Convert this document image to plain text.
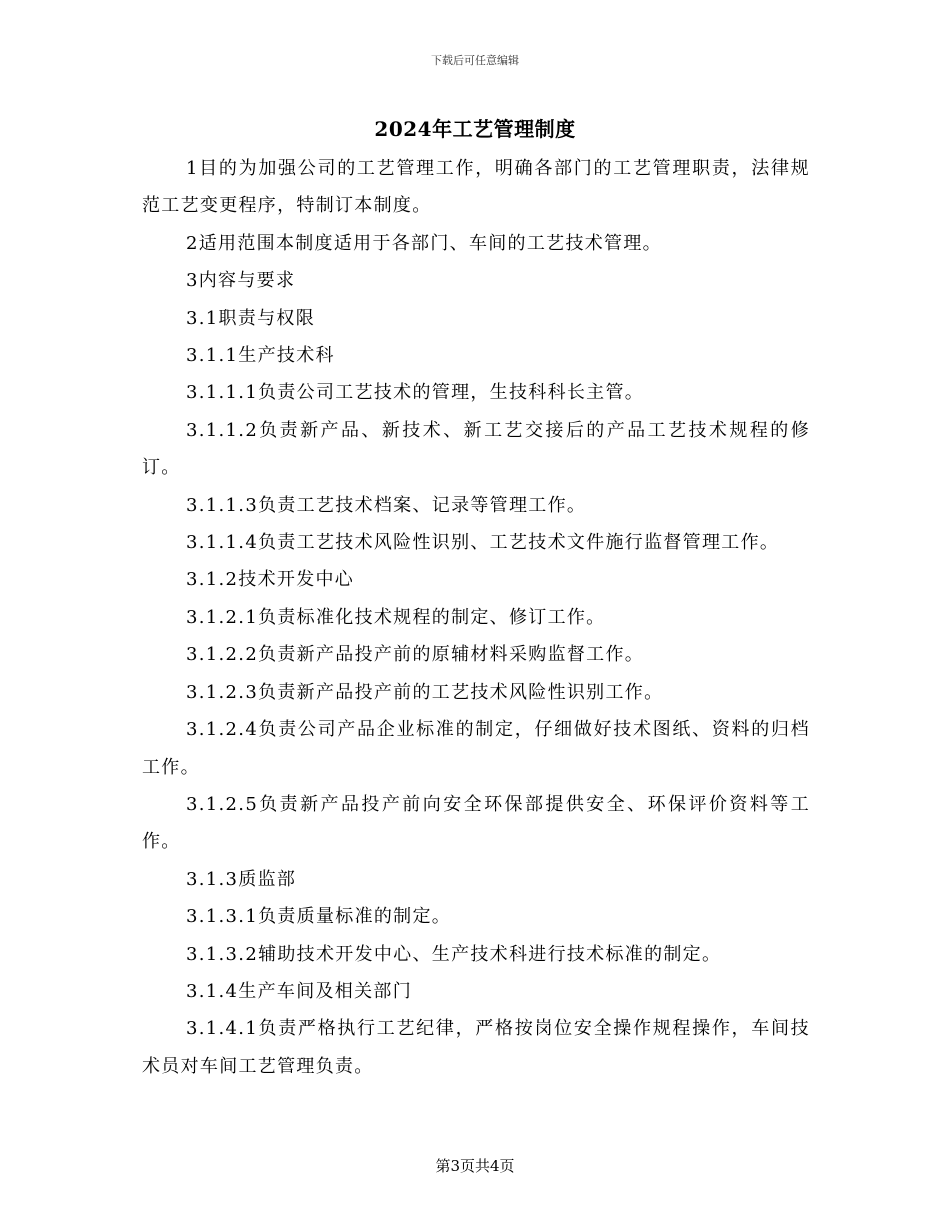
下载后可任意编辑
2024年工艺管理制度

1目的为加强公司的工艺管理工作，明确各部门的工艺管理职责，法律规范工艺变更程序，特制订本制度。

2适用范围本制度适用于各部门、车间的工艺技术管理。

3内容与要求

3.1职责与权限

3.1.1生产技术科

3.1.1.1负责公司工艺技术的管理，生技科科长主管。

3.1.1.2负责新产品、新技术、新工艺交接后的产品工艺技术规程的修订。

3.1.1.3负责工艺技术档案、记录等管理工作。

3.1.1.4负责工艺技术风险性识别、工艺技术文件施行监督管理工作。

3.1.2技术开发中心

3.1.2.1负责标准化技术规程的制定、修订工作。

3.1.2.2负责新产品投产前的原辅材料采购监督工作。

3.1.2.3负责新产品投产前的工艺技术风险性识别工作。

3.1.2.4负责公司产品企业标准的制定，仔细做好技术图纸、资料的归档工作。

3.1.2.5负责新产品投产前向安全环保部提供安全、环保评价资料等工作。

3.1.3质监部

3.1.3.1负责质量标准的制定。

3.1.3.2辅助技术开发中心、生产技术科进行技术标准的制定。

3.1.4生产车间及相关部门

3.1.4.1负责严格执行工艺纪律，严格按岗位安全操作规程操作，车间技术员对车间工艺管理负责。

第3页共4页
